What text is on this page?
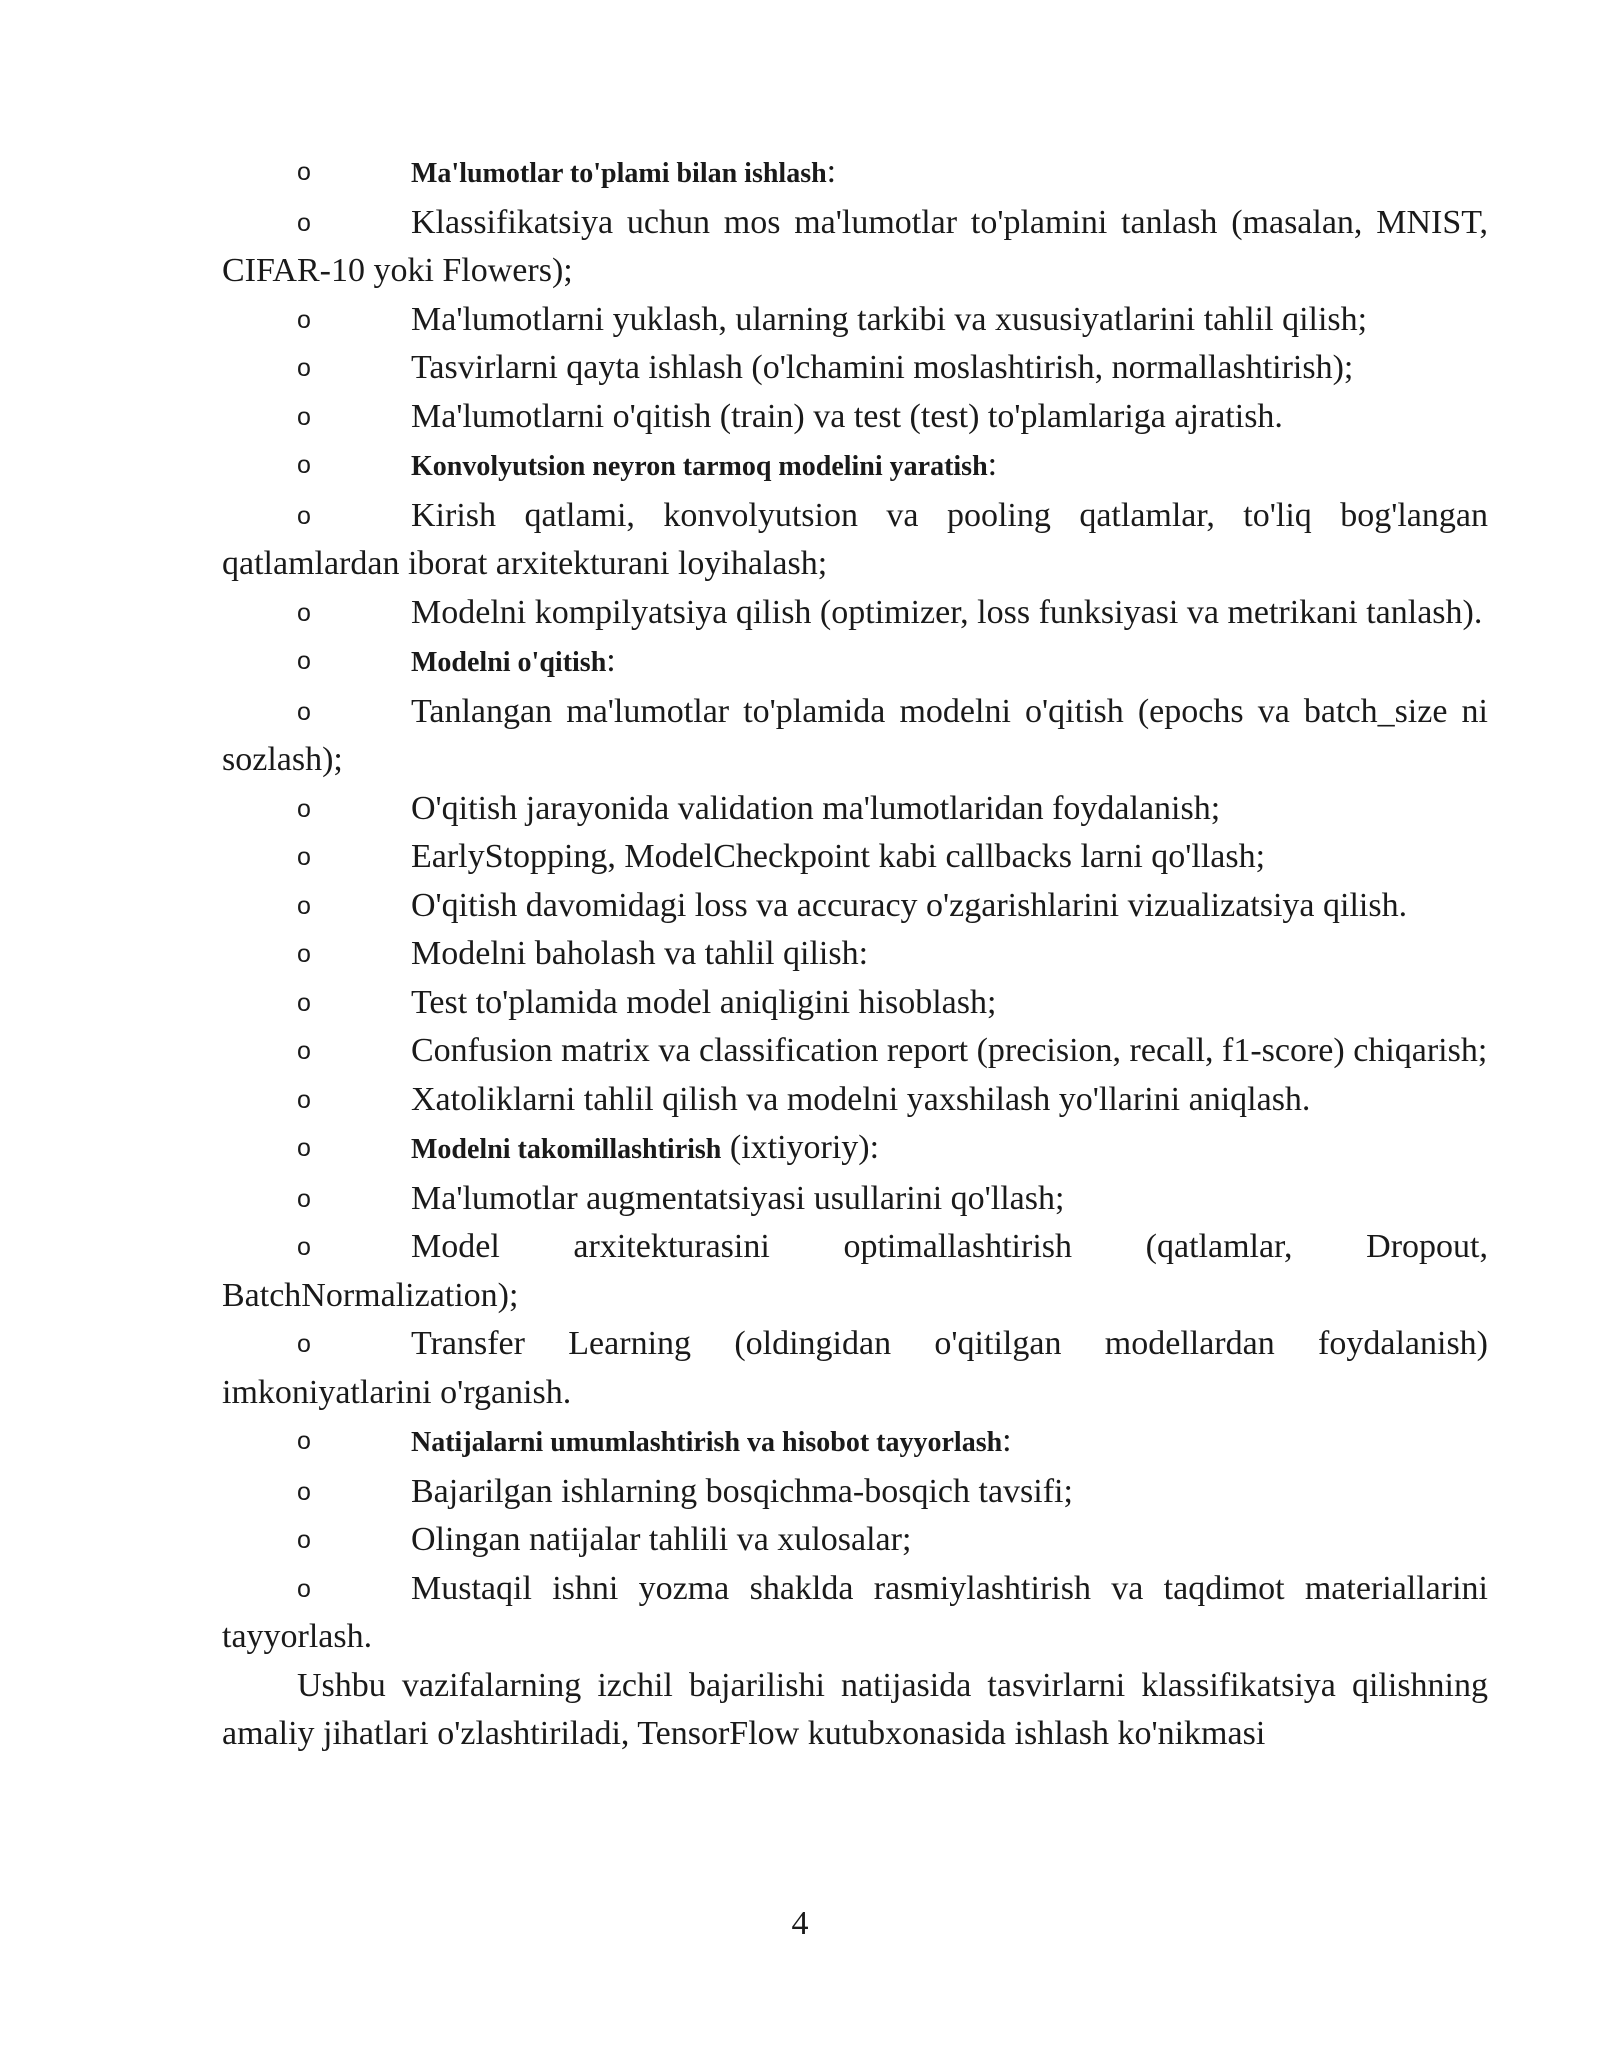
o	Ma'lumotlar to'plami bilan ishlash:

o	Klassifikatsiya uchun mos ma'lumotlar to'plamini tanlash (masalan, MNIST, CIFAR-10 yoki Flowers);

o	Ma'lumotlarni yuklash, ularning tarkibi va xususiyatlarini tahlil qilish;

o	Tasvirlarni qayta ishlash (o'lchamini moslashtirish, normallashtirish);

o	Ma'lumotlarni o'qitish (train) va test (test) to'plamlariga ajratish.

o	Konvolyutsion neyron tarmoq modelini yaratish:

o	Kirish qatlami, konvolyutsion va pooling qatlamlar, to'liq bog'langan qatlamlardan iborat arxitekturani loyihalash;

o	Modelni kompilyatsiya qilish (optimizer, loss funksiyasi va metrikani tanlash).

o	Modelni o'qitish:

o	Tanlangan ma'lumotlar to'plamida modelni o'qitish (epochs va batch_size ni sozlash);

o	O'qitish jarayonida validation ma'lumotlaridan foydalanish;

o	EarlyStopping, ModelCheckpoint kabi callbacks larni qo'llash;

o	O'qitish davomidagi loss va accuracy o'zgarishlarini vizualizatsiya qilish.

o	Modelni baholash va tahlil qilish:

o	Test to'plamida model aniqligini hisoblash;

o	Confusion matrix va classification report (precision, recall, f1-score) chiqarish;

o	Xatoliklarni tahlil qilish va modelni yaxshilash yo'llarini aniqlash.

o	Modelni takomillashtirish (ixtiyoriy):

o	Ma'lumotlar augmentatsiyasi usullarini qo'llash;

o	Model arxitekturasini optimallashtirish (qatlamlar, Dropout, BatchNormalization);

o	Transfer Learning (oldingidan o'qitilgan modellardan foydalanish) imkoniyatlarini o'rganish.

o	Natijalarni umumlashtirish va hisobot tayyorlash:

o	Bajarilgan ishlarning bosqichma-bosqich tavsifi;

o	Olingan natijalar tahlili va xulosalar;

o	Mustaqil ishni yozma shaklda rasmiylashtirish va taqdimot materiallarini tayyorlash.

Ushbu vazifalarning izchil bajarilishi natijasida tasvirlarni klassifikatsiya qilishning amaliy jihatlari o'zlashtiriladi, TensorFlow kutubxonasida ishlash ko'nikmasi

4
